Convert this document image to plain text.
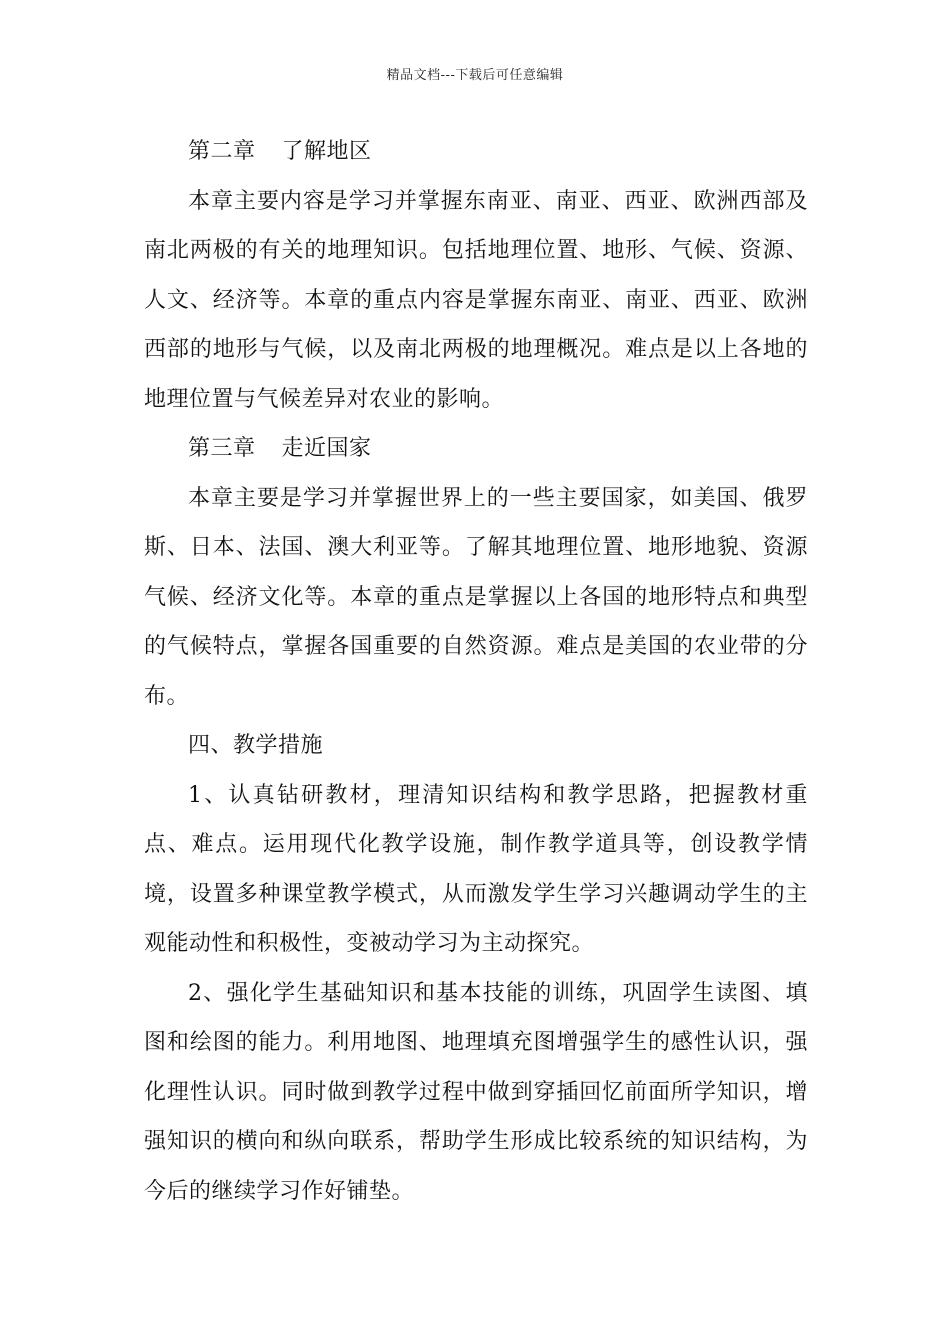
精品文档---下载后可任意编辑

第二章 了解地区

本章主要内容是学习并掌握东南亚、南亚、西亚、欧洲西部及南北两极的有关的地理知识。包括地理位置、地形、气候、资源、人文、经济等。本章的重点内容是掌握东南亚、南亚、西亚、欧洲西部的地形与气候，以及南北两极的地理概况。难点是以上各地的地理位置与气候差异对农业的影响。

第三章 走近国家

本章主要是学习并掌握世界上的一些主要国家，如美国、俄罗斯、日本、法国、澳大利亚等。了解其地理位置、地形地貌、资源气候、经济文化等。本章的重点是掌握以上各国的地形特点和典型的气候特点，掌握各国重要的自然资源。难点是美国的农业带的分布。

四、教学措施

1、认真钻研教材，理清知识结构和教学思路，把握教材重点、难点。运用现代化教学设施，制作教学道具等，创设教学情境，设置多种课堂教学模式，从而激发学生学习兴趣调动学生的主观能动性和积极性，变被动学习为主动探究。

2、强化学生基础知识和基本技能的训练，巩固学生读图、填图和绘图的能力。利用地图、地理填充图增强学生的感性认识，强化理性认识。同时做到教学过程中做到穿插回忆前面所学知识，增强知识的横向和纵向联系，帮助学生形成比较系统的知识结构，为今后的继续学习作好铺垫。
